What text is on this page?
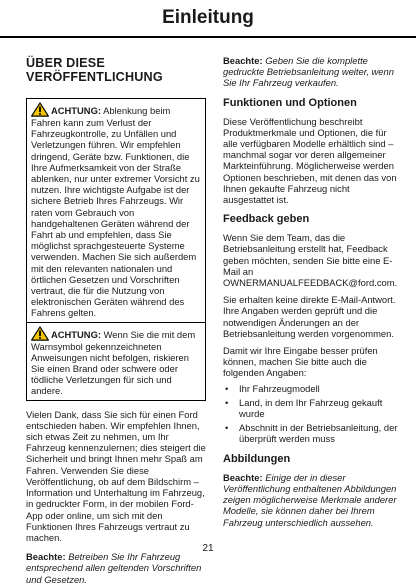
Einleitung
ÜBER DIESE
VERÖFFENTLICHUNG
ACHTUNG: Ablenkung beim Fahren kann zum Verlust der Fahrzeugkontrolle, zu Unfällen und Verletzungen führen. Wir empfehlen dringend, Geräte bzw. Funktionen, die Ihre Aufmerksamkeit von der Straße ablenken, nur unter extremer Vorsicht zu nutzen. Ihre wichtigste Aufgabe ist der sichere Betrieb Ihres Fahrzeugs. Wir raten vom Gebrauch von handgehaltenen Geräten während der Fahrt ab und empfehlen, dass Sie möglichst sprachgesteuerte Systeme verwenden. Machen Sie sich außerdem mit den relevanten nationalen und örtlichen Gesetzen und Vorschriften vertraut, die für die Nutzung von elektronischen Geräten während des Fahrens gelten.
ACHTUNG: Wenn Sie die mit dem Warnsymbol gekennzeichneten Anweisungen nicht befolgen, riskieren Sie einen Brand oder schwere oder tödliche Verletzungen für sich und andere.

Vielen Dank, dass Sie sich für einen Ford entschieden haben. Wir empfehlen Ihnen, sich etwas Zeit zu nehmen, um Ihr Fahrzeug kennenzulernen; dies steigert die Sicherheit und bringt Ihnen mehr Spaß am Fahren. Verwenden Sie diese Veröffentlichung, ob auf dem Bildschirm – Information und Unterhaltung im Fahrzeug, in gedruckter Form, in der mobilen Ford-App oder online, um sich mit den Funktionen Ihres Fahrzeugs vertraut zu machen.

Beachte: Betreiben Sie Ihr Fahrzeug entsprechend allen geltenden Vorschriften und Gesetzen.

Beachte: Geben Sie die komplette gedruckte Betriebsanleitung weiter, wenn Sie Ihr Fahrzeug verkaufen.

Funktionen und Optionen

Diese Veröffentlichung beschreibt Produktmerkmale und Optionen, die für alle verfügbaren Modelle erhältlich sind – manchmal sogar vor deren allgemeiner Markteinführung. Möglicherweise werden Optionen beschrieben, mit denen das von Ihnen gekaufte Fahrzeug nicht ausgestattet ist.

Feedback geben

Wenn Sie dem Team, das die Betriebsanleitung erstellt hat, Feedback geben möchten, senden Sie bitte eine E-Mail an OWNERMANUALFEEDBACK@ford.com.

Sie erhalten keine direkte E-Mail-Antwort. Ihre Angaben werden geprüft und die notwendigen Änderungen an der Betriebsanleitung werden vorgenommen.

Damit wir Ihre Eingabe besser prüfen können, machen Sie bitte auch die folgenden Angaben:

• Ihr Fahrzeugmodell
• Land, in dem Ihr Fahrzeug gekauft wurde
• Abschnitt in der Betriebsanleitung, der überprüft werden muss
Abbildungen

Beachte: Einige der in dieser Veröffentlichung enthaltenen Abbildungen zeigen möglicherweise Merkmale anderer Modelle, sie können daher bei Ihrem Fahrzeug unterschiedlich aussehen.

21
